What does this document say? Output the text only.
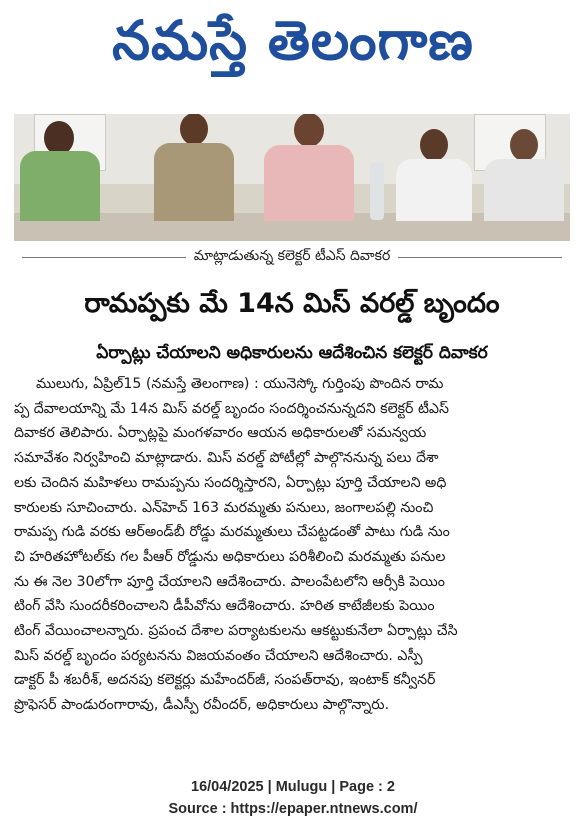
నమస్తే తెలంగాణ
మాట్లాడుతున్న కలెక్టర్ టీఎస్ దివాకర
రామప్పకు మే 14న మిస్ వరల్డ్ బృందం
ఏర్పాట్లు చేయాలని అధికారులను ఆదేశించిన కలెక్టర్ దివాకర
ములుగు, ఏప్రిల్15 (నమస్తే తెలంగాణ) : యునెస్కో గుర్తింపు పొందిన రామ
ప్ప దేవాలయాన్ని మే 14న మిస్ వరల్డ్ బృందం సందర్శించనున్నదని కలెక్టర్ టీఎస్
దివాకర తెలిపారు. ఏర్పాట్లపై మంగళవారం ఆయన అధికారులతో సమన్వయ
సమావేశం నిర్వహించి మాట్లాడారు. మిస్ వరల్డ్ పోటీల్లో పాల్గొననున్న పలు దేశా
లకు చెందిన మహిళలు రామప్పను సందర్శిస్తారని, ఏర్పాట్లు పూర్తి చేయాలని అధి
కారులకు సూచించారు. ఎన్‌హెచ్ 163 మరమ్మతు పనులు, జంగాలపల్లి నుంచి
రామప్ప గుడి వరకు ఆర్అండ్‌బీ రోడ్డు మరమ్మతులు చేపట్టడంతో పాటు గుడి నుం
చి హరితహోటల్‌కు గల పీఆర్ రోడ్డును అధికారులు పరిశీలించి మరమ్మతు పనుల
ను ఈ నెల 30లోగా పూర్తి చేయాలని ఆదేశించారు. పాలంపేటలోని ఆర్సీకి పెయిం
టింగ్ వేసి సుందరీకరించాలని డీపీవోను ఆదేశించారు. హరిత కాటేజీలకు పెయిం
టింగ్ వేయించాలన్నారు. ప్రపంచ దేశాల పర్యాటకులను ఆకట్టుకునేలా ఏర్పాట్లు చేసి
మిస్ వరల్డ్ బృందం పర్యటనను విజయవంతం చేయాలని ఆదేశించారు. ఎస్పీ
డాక్టర్ పీ శబరీశ్, అదనపు కలెక్టర్లు మహేందర్‌జీ, సంపత్‌రావు, ఇంటాక్ కన్వీనర్
ప్రొఫెసర్ పాండురంగారావు, డీఎస్పీ రవీందర్, అధికారులు పాల్గొన్నారు.
16/04/2025 | Mulugu | Page : 2
Source : https://epaper.ntnews.com/
